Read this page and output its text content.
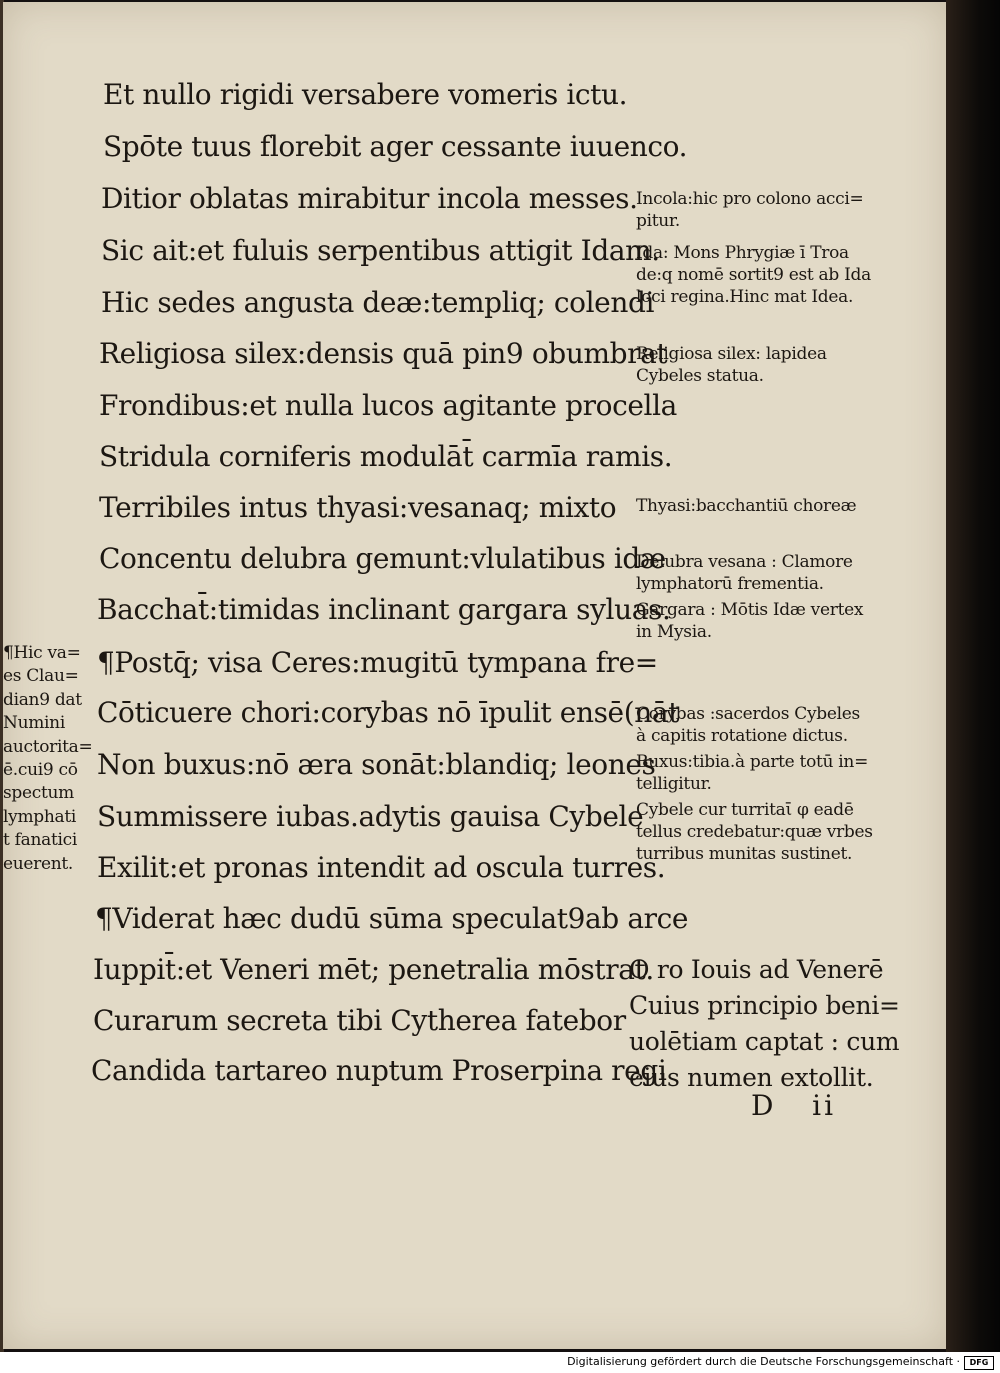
Et nullo rigidi versabere vomeris ictu.
Spōte tuus florebit ager cessante iuuenco.
Ditior oblatas mirabitur incola messes.
Sic ait:et fuluis serpentibus attigit Idam.
Hic sedes angusta deæ:templiq; colendi
Religiosa silex:densis quā pin9 obumbrat
Frondibus:et nulla lucos agitante procella
Stridula corniferis modulāt̄ carmīa ramis.
Terribiles intus thyasi:vesanaq; mixto
Concentu delubra gemunt:vlulatibus idæ
Bacchat̄:timidas inclinant gargara syluas.
¶Postq̄; visa Ceres:mugitū tympana fre=
Cōticuere chori:corybas nō īpulit ensē(nāt
Non buxus:nō æra sonāt:blandiq; leones
Summissere iubas.adytis gauisa Cybele
Exilit:et pronas intendit ad oscula turres.
¶Viderat hæc dudū sūma speculat9ab arce
Iuppit̄:et Veneri mēt; penetralia mōstrat.
Curarum secreta tibi Cytherea fatebor
Candida tartareo nuptum Proserpina regi
Incola:hic pro colono acci=
pitur.
Ida: Mons Phrygiæ ī Troa
de:q nomē sortit9 est ab Ida
loci regina.Hinc mat Idea.
Religiosa silex: lapidea
Cybeles statua.
Thyasi:bacchantiū choreæ
Delubra vesana : Clamore
lymphatorū frementia.
Gargara : Mōtis Idæ vertex
in Mysia.
Corybas :sacerdos Cybeles
à capitis rotatione dictus.
Buxus:tibia.à parte totū in=
telligitur.
Cybele cur turritaῑ φ eadē
tellus credebatur:quæ vrbes
turribus munitas sustinet.
O ro Iouis ad Venerē
Cuius principio beni=
uolētiam captat : cum
eius numen extollit.
¶Hic va=
es Clau=
dian9 dat
Numini
auctorita=
ē.cui9 cō
spectum
lymphati
t fanatici
euerent.
D   ii
Digitalisierung gefördert durch die Deutsche Forschungsgemeinschaft ·	DFG
